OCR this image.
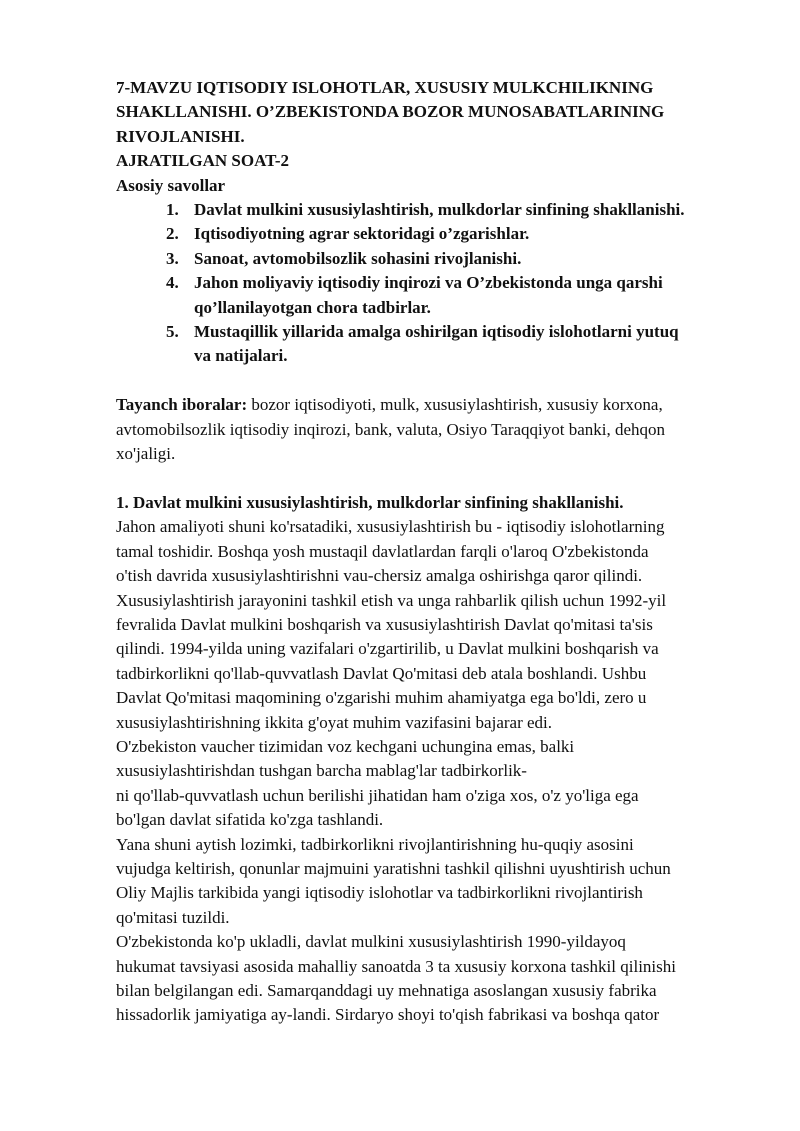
7-MAVZU IQTISODIY ISLOHOTLAR, XUSUSIY MULKCHILIKNING
SHAKLLANISHI. O’ZBEKISTONDA BOZOR MUNOSABATLARINING
RIVOJLANISHI.
AJRATILGAN SOAT-2
Asosiy savollar
1. Davlat mulkini xususiylashtirish, mulkdorlar sinfining shakllanishi.
2. Iqtisodiyotning agrar sektoridagi o’zgarishlar.
3. Sanoat, avtomobilsozlik sohasini rivojlanishi.
4. Jahon moliyaviy iqtisodiy inqirozi va O’zbekistonda unga qarshi
qo’llanilayotgan chora tadbirlar.
5. Mustaqillik yillarida amalga oshirilgan iqtisodiy islohotlarni yutuq
va natijalari.

Tayanch iboralar: bozor iqtisodiyoti, mulk, xususiylashtirish, xususiy korxona,
avtomobilsozlik iqtisodiy inqirozi, bank, valuta, Osiyo Taraqqiyot banki, dehqon
xo'jaligi.

1. Davlat mulkini xususiylashtirish, mulkdorlar sinfining shakllanishi.

Jahon amaliyoti shuni ko'rsatadiki, xususiylashtirish bu - iqtisodiy islohotlarning
tamal toshidir. Boshqa yosh mustaqil davlatlardan farqli o'laroq O'zbekistonda
o'tish davrida xususiylashtirishni vau-chersiz amalga oshirishga qaror qilindi.
Xususiylashtirish jarayonini tashkil etish va unga rahbarlik qilish uchun 1992-yil
fevralida Davlat mulkini boshqarish va xususiylashtirish Davlat qo'mitasi ta'sis
qilindi. 1994-yilda uning vazifalari o'zgartirilib, u Davlat mulkini boshqarish va
tadbirkorlikni qo'llab-quvvatlash Davlat Qo'mitasi deb atala boshlandi. Ushbu
Davlat Qo'mitasi maqomining o'zgarishi muhim ahamiyatga ega bo'ldi, zero u
xususiylashtirishning ikkita g'oyat muhim vazifasini bajarar edi.
O'zbekiston vaucher tizimidan voz kechgani uchungina emas, balki
xususiylashtirishdan tushgan barcha mablag'lar tadbirkorlik-
ni qo'llab-quvvatlash uchun berilishi jihatidan ham o'ziga xos, o'z yo'liga ega
bo'lgan davlat sifatida ko'zga tashlandi.
Yana shuni aytish lozimki, tadbirkorlikni rivojlantirishning hu-quqiy asosini
vujudga keltirish, qonunlar majmuini yaratishni tashkil qilishni uyushtirish uchun
Oliy Majlis tarkibida yangi iqtisodiy islohotlar va tadbirkorlikni rivojlantirish
qo'mitasi tuzildi.
O'zbekistonda ko'p ukladli, davlat mulkini xususiylashtirish 1990-yildayoq
hukumat tavsiyasi asosida mahalliy sanoatda 3 ta xususiy korxona tashkil qilinishi
bilan belgilangan edi. Samarqanddagi uy mehnatiga asoslangan xususiy fabrika
hissadorlik jamiyatiga ay-landi. Sirdaryo shoyi to'qish fabrikasi va boshqa qator
